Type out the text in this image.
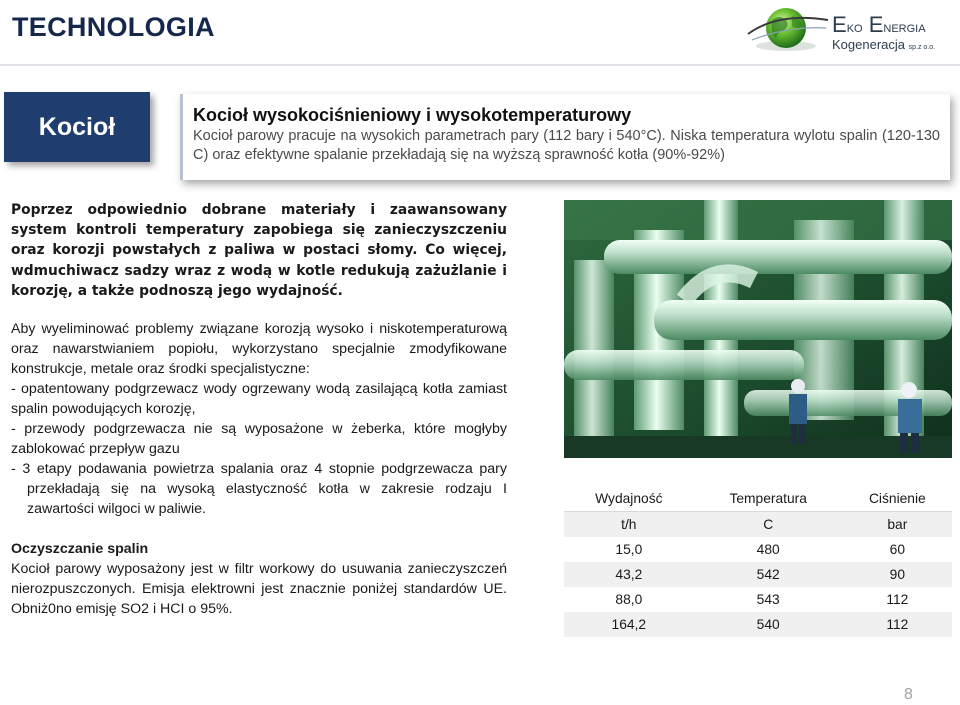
TECHNOLOGIA	EKO ENERGIA
Kogeneracja sp.z o.o.
Kocioł	Kocioł wysokociśnieniowy i wysokotemperaturowy
Kocioł parowy pracuje na wysokich parametrach pary (112 bary i 540°C). Niska temperatura wylotu spalin (120-130 C) oraz efektywne spalanie przekładają się na wyższą sprawność kotła (90%-92%)
Poprzez odpowiednio dobrane materiały i zaawansowany system kontroli temperatury zapobiega się zanieczyszczeniu oraz korozji powstałych z paliwa w postaci słomy. Co więcej, wdmuchiwacz sadzy wraz z wodą w kotle redukują zażużlanie i korozję, a także podnoszą jego wydajność.

Aby wyeliminować problemy związane korozją wysoko i niskotemperaturową oraz nawarstwianiem popiołu, wykorzystano specjalnie zmodyfikowane konstrukcje, metale oraz środki specjalistyczne:

- opatentowany podgrzewacz wody ogrzewany wodą zasilającą kotła zamiast spalin powodujących korozję,
- przewody podgrzewacza nie są wyposażone w żeberka, które mogłyby zablokować przepływ gazu
- 3 etapy podawania powietrza spalania oraz 4 stopnie podgrzewacza pary przekładają się na wysoką elastyczność kotła w zakresie rodzaju I zawartości wilgoci w paliwie.
Oczyszczanie spalin

Kocioł parowy wyposażony jest w filtr workowy do usuwania zanieczyszczeń nierozpuszczonych. Emisja elektrowni jest znacznie poniżej standardów UE. Obniż0no emisję SO2 i HCI o 95%.

Wydajność	Temperatura	Ciśnienie
t/h	C	bar
15,0	480	60
43,2	542	90
88,0	543	112
164,2	540	112
8
